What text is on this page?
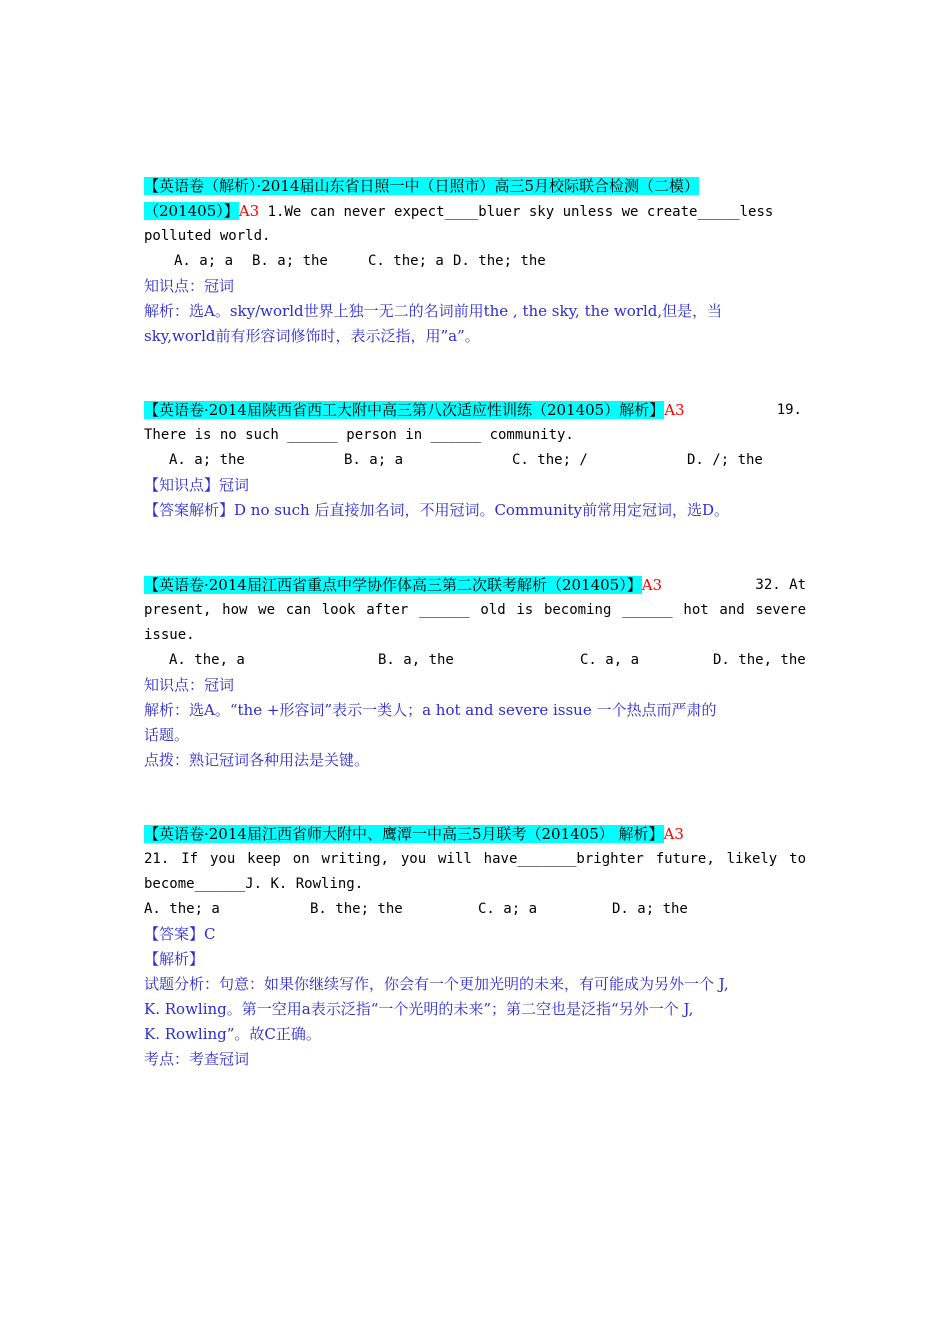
【英语卷（解析）·2014届山东省日照一中（日照市）高三5月校际联合检测（二模）
（201405）】A3 1.We can never expect____bluer sky unless we create_____less
polluted world.
A. a; a B. a; the	C. the; a D. the; the
知识点：冠词
解析：选A。sky/world世界上独一无二的名词前用the , the sky, the world,但是，当
sky,world前有形容词修饰时，表示泛指，用”a”。
【英语卷·2014届陕西省西工大附中高三第八次适应性训练（201405）解析】A3	19.
There is no such ______ person in ______ community.
A. a; the	B. a; a	C. the; /	D. /; the
【知识点】冠词
【答案解析】D no such 后直接加名词，不用冠词。Community前常用定冠词，选D。
【英语卷·2014届江西省重点中学协作体高三第二次联考解析（201405）】A3	32. At
present, how we can look after ______ old is becoming ______ hot and severe
issue.
A. the, a	B. a, the	C. a, a	D. the, the
知识点：冠词
解析：选A。“the +形容词”表示一类人；a hot and severe issue 一个热点而严肃的
话题。
点拨：熟记冠词各种用法是关键。
【英语卷·2014届江西省师大附中、鹰潭一中高三5月联考（201405） 解析】A3
21. If you keep on writing, you will have_______brighter future, likely to
become______J. K. Rowling.
A. the; a	B. the; the	C. a; a	D. a; the
【答案】C
【解析】
试题分析：句意：如果你继续写作，你会有一个更加光明的未来，有可能成为另外一个 J,
K. Rowling。第一空用a表示泛指“一个光明的未来”；第二空也是泛指“另外一个 J,
K. Rowling”。故C正确。
考点：考查冠词
